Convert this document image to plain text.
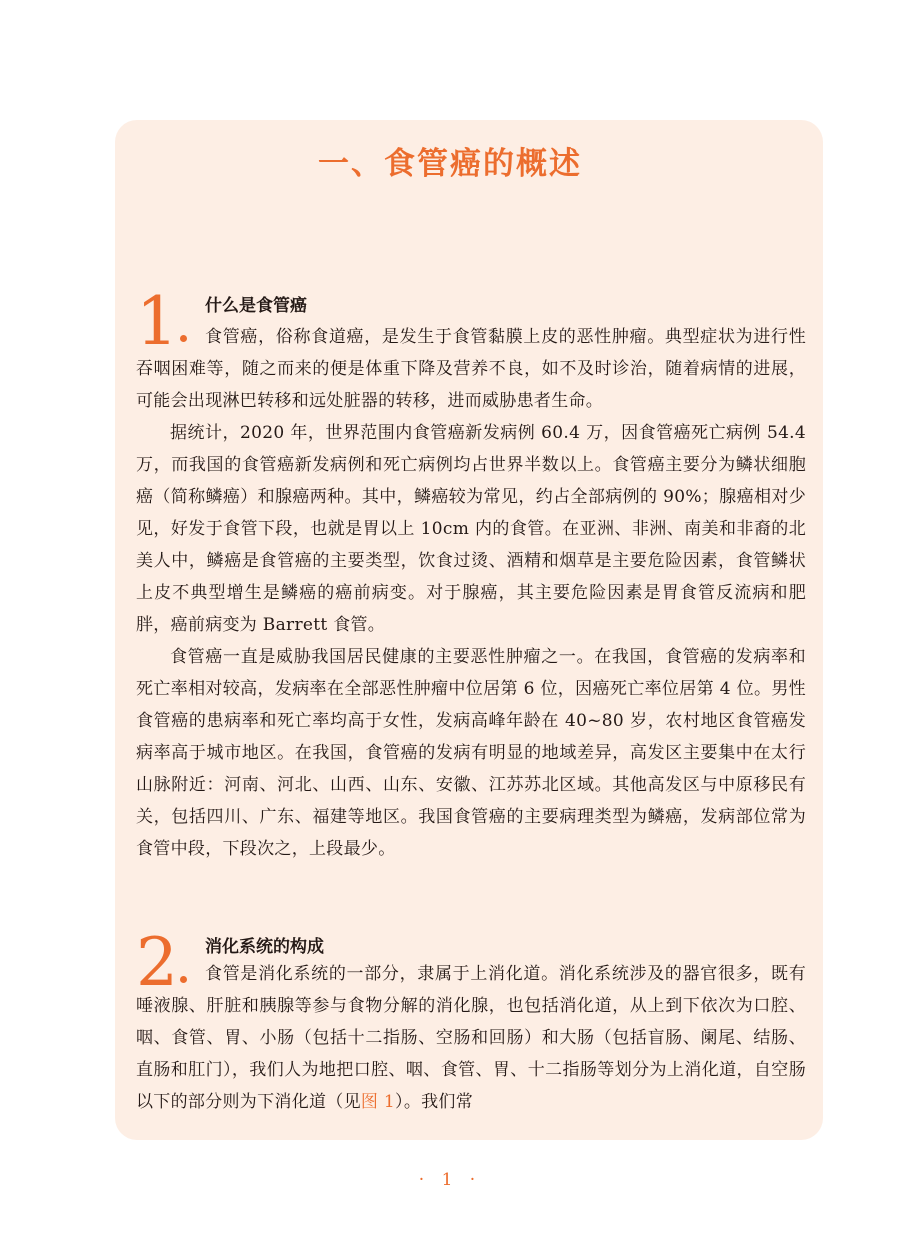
一、食管癌的概述
1 什么是食管癌

食管癌，俗称食道癌，是发生于食管黏膜上皮的恶性肿瘤。典型症状为进行性吞咽困难等，随之而来的便是体重下降及营养不良，如不及时诊治，随着病情的进展，可能会出现淋巴转移和远处脏器的转移，进而威胁患者生命。

据统计，2020 年，世界范围内食管癌新发病例 60.4 万，因食管癌死亡病例 54.4 万，而我国的食管癌新发病例和死亡病例均占世界半数以上。食管癌主要分为鳞状细胞癌（简称鳞癌）和腺癌两种。其中，鳞癌较为常见，约占全部病例的 90%；腺癌相对少见，好发于食管下段，也就是胃以上 10cm 内的食管。在亚洲、非洲、南美和非裔的北美人中，鳞癌是食管癌的主要类型，饮食过烫、酒精和烟草是主要危险因素，食管鳞状上皮不典型增生是鳞癌的癌前病变。对于腺癌，其主要危险因素是胃食管反流病和肥胖，癌前病变为 Barrett 食管。

食管癌一直是威胁我国居民健康的主要恶性肿瘤之一。在我国，食管癌的发病率和死亡率相对较高，发病率在全部恶性肿瘤中位居第 6 位，因癌死亡率位居第 4 位。男性食管癌的患病率和死亡率均高于女性，发病高峰年龄在 40~80 岁，农村地区食管癌发病率高于城市地区。在我国，食管癌的发病有明显的地域差异，高发区主要集中在太行山脉附近：河南、河北、山西、山东、安徽、江苏苏北区域。其他高发区与中原移民有关，包括四川、广东、福建等地区。我国食管癌的主要病理类型为鳞癌，发病部位常为食管中段，下段次之，上段最少。

2 消化系统的构成

食管是消化系统的一部分，隶属于上消化道。消化系统涉及的器官很多，既有唾液腺、肝脏和胰腺等参与食物分解的消化腺，也包括消化道，从上到下依次为口腔、咽、食管、胃、小肠（包括十二指肠、空肠和回肠）和大肠（包括盲肠、阑尾、结肠、直肠和肛门），我们人为地把口腔、咽、食管、胃、十二指肠等划分为上消化道，自空肠以下的部分则为下消化道（见图 1）。我们常

· 1 ·
